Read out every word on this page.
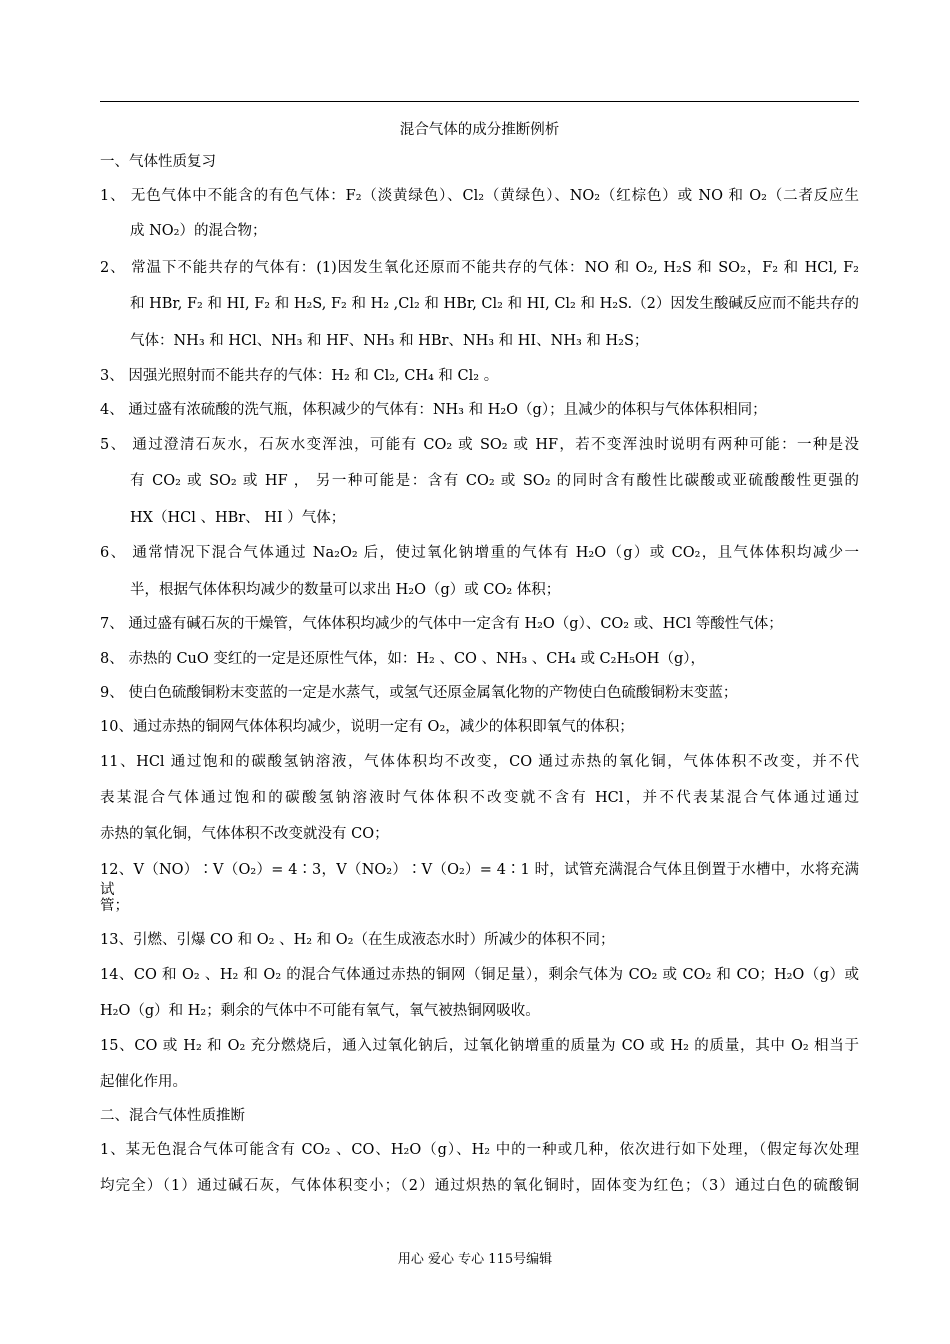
混合气体的成分推断例析
一、气体性质复习
1、 无色气体中不能含的有色气体：F₂（淡黄绿色）、Cl₂（黄绿色）、NO₂（红棕色）或 NO 和 O₂（二者反应生
成 NO₂）的混合物；
2、 常温下不能共存的气体有：(1)因发生氧化还原而不能共存的气体：NO 和 O₂, H₂S 和 SO₂，F₂ 和 HCl, F₂
和 HBr, F₂ 和 HI, F₂ 和 H₂S, F₂ 和 H₂ ,Cl₂ 和 HBr, Cl₂ 和 HI, Cl₂ 和 H₂S.（2）因发生酸碱反应而不能共存的
气体：NH₃ 和 HCl、NH₃ 和 HF、NH₃ 和 HBr、NH₃ 和 HI、NH₃ 和 H₂S；
3、 因强光照射而不能共存的气体：H₂ 和 Cl₂, CH₄ 和 Cl₂ 。
4、 通过盛有浓硫酸的洗气瓶，体积减少的气体有：NH₃ 和 H₂O（g）；且减少的体积与气体体积相同；
5、 通过澄清石灰水，石灰水变浑浊，可能有 CO₂ 或 SO₂ 或 HF，若不变浑浊时说明有两种可能：一种是没
有 CO₂ 或 SO₂ 或 HF ， 另一种可能是：含有 CO₂ 或 SO₂ 的同时含有酸性比碳酸或亚硫酸酸性更强的
HX（HCl 、HBr、 HI ）气体；
6、 通常情况下混合气体通过 Na₂O₂ 后，使过氧化钠增重的气体有 H₂O（g）或 CO₂，且气体体积均减少一
半，根据气体体积均减少的数量可以求出 H₂O（g）或 CO₂ 体积；
7、 通过盛有碱石灰的干燥管，气体体积均减少的气体中一定含有 H₂O（g）、CO₂ 或、HCl 等酸性气体；
8、 赤热的 CuO 变红的一定是还原性气体，如：H₂ 、CO 、NH₃ 、CH₄ 或 C₂H₅OH（g），
9、 使白色硫酸铜粉末变蓝的一定是水蒸气，或氢气还原金属氧化物的产物使白色硫酸铜粉末变蓝；
10、通过赤热的铜网气体体积均减少，说明一定有 O₂，减少的体积即氧气的体积；
11、HCl 通过饱和的碳酸氢钠溶液，气体体积均不改变，CO 通过赤热的氧化铜，气体体积不改变，并不代
表某混合气体通过饱和的碳酸氢钠溶液时气体体积不改变就不含有 HCl，并不代表某混合气体通过通过
赤热的氧化铜，气体体积不改变就没有 CO；
12、V（NO）∶V（O₂）= 4∶3，V（NO₂）∶V（O₂）= 4∶1 时，试管充满混合气体且倒置于水槽中，水将充满试
管；
13、引燃、引爆 CO 和 O₂ 、H₂ 和 O₂（在生成液态水时）所减少的体积不同；
14、CO 和 O₂ 、H₂ 和 O₂ 的混合气体通过赤热的铜网（铜足量），剩余气体为 CO₂ 或 CO₂ 和 CO；H₂O（g）或
H₂O（g）和 H₂；剩余的气体中不可能有氧气，氧气被热铜网吸收。
15、CO 或 H₂ 和 O₂ 充分燃烧后，通入过氧化钠后，过氧化钠增重的质量为 CO 或 H₂ 的质量，其中 O₂ 相当于
起催化作用。
二、混合气体性质推断
1、某无色混合气体可能含有 CO₂ 、CO、H₂O（g）、H₂ 中的一种或几种，依次进行如下处理，（假定每次处理
均完全）（1）通过碱石灰，气体体积变小；（2）通过炽热的氧化铜时，固体变为红色；（3）通过白色的硫酸铜
用心 爱心 专心 115号编辑
